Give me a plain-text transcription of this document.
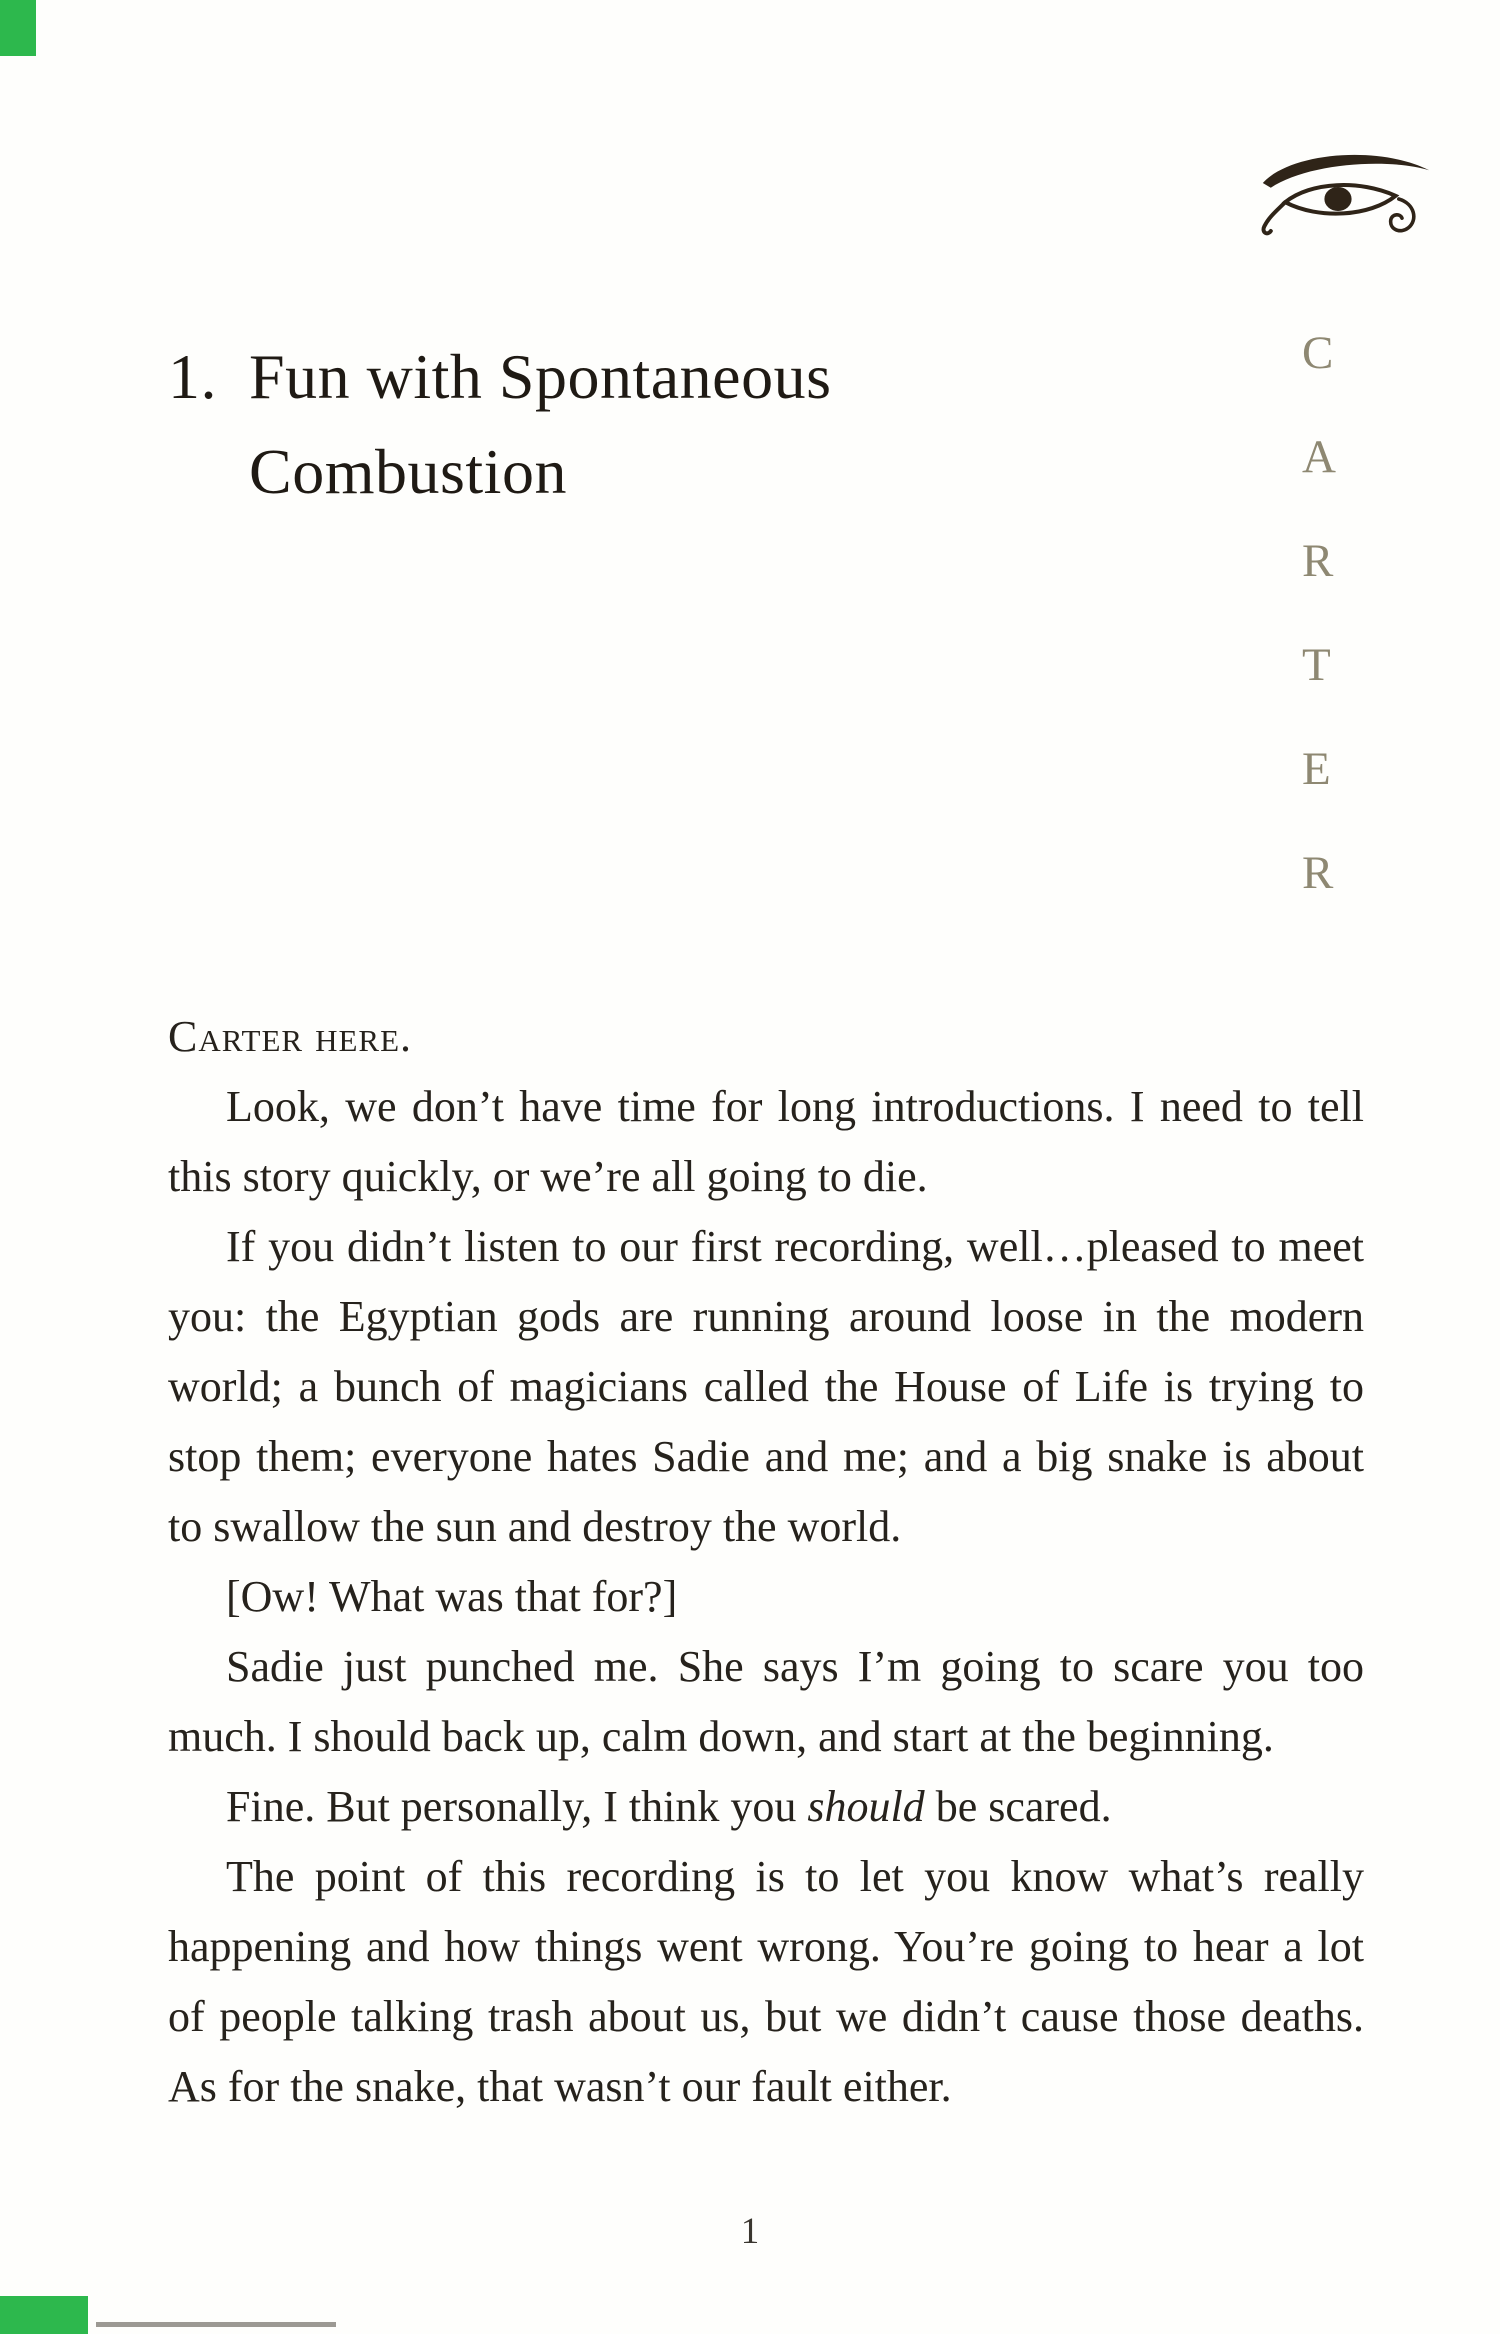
1. Fun with Spontaneous
Combustion
C
A
R
T
E
R

Carter here.

Look, we don’t have time for long introductions. I need to tell this story quickly, or we’re all going to die.

If you didn’t listen to our first recording, well…pleased to meet you: the Egyptian gods are running around loose in the modern world; a bunch of magicians called the House of Life is trying to stop them; everyone hates Sadie and me; and a big snake is about to swallow the sun and destroy the world.

[Ow! What was that for?]

Sadie just punched me. She says I’m going to scare you too much. I should back up, calm down, and start at the beginning.

Fine. But personally, I think you should be scared.

The point of this recording is to let you know what’s really happening and how things went wrong. You’re going to hear a lot of people talking trash about us, but we didn’t cause those deaths. As for the snake, that wasn’t our fault either.

1
